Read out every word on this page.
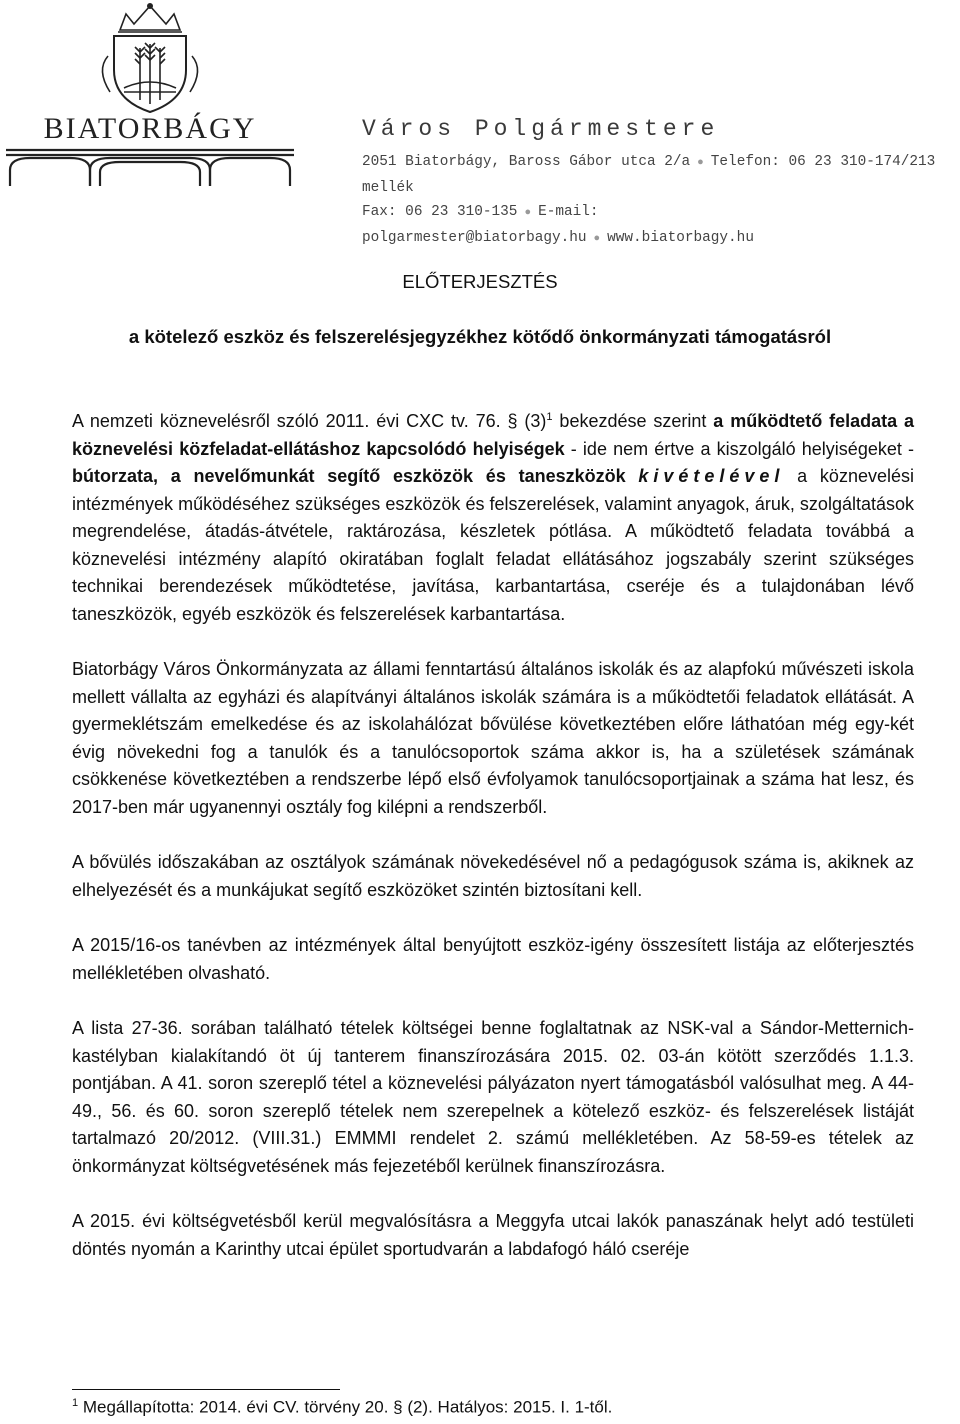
BIATORBÁGY	Város Polgármestere
2051 Biatorbágy, Baross Gábor utca 2/a ● Telefon: 06 23 310-174/213 mellék
Fax: 06 23 310-135 ● E-mail: polgarmester@biatorbagy.hu ● www.biatorbagy.hu
ELŐTERJESZTÉS
a kötelező eszköz és felszerelésjegyzékhez kötődő önkormányzati támogatásról

A nemzeti köznevelésről szóló 2011. évi CXC tv. 76. § $(3)^1$ bekezdése szerint a működtető feladata a köznevelési közfeladat-ellátáshoz kapcsolódó helyiségek - ide nem értve a kiszolgáló helyiségeket - bútorzata, a nevelőmunkát segítő eszközök és taneszközök kivételével a köznevelési intézmények működéséhez szükséges eszközök és felszerelések, valamint anyagok, áruk, szolgáltatások megrendelése, átadás-átvétele, raktározása, készletek pótlása. A működtető feladata továbbá a köznevelési intézmény alapító okiratában foglalt feladat ellátásához jogszabály szerint szükséges technikai berendezések működtetése, javítása, karbantartása, cseréje és a tulajdonában lévő taneszközök, egyéb eszközök és felszerelések karbantartása.

Biatorbágy Város Önkormányzata az állami fenntartású általános iskolák és az alapfokú művészeti iskola mellett vállalta az egyházi és alapítványi általános iskolák számára is a működtetői feladatok ellátását. A gyermeklétszám emelkedése és az iskolahálózat bővülése következtében előre láthatóan még egy-két évig növekedni fog a tanulók és a tanulócsoportok száma akkor is, ha a születések számának csökkenése következtében a rendszerbe lépő első évfolyamok tanulócsoportjainak a száma hat lesz, és 2017-ben már ugyanennyi osztály fog kilépni a rendszerből.

A bővülés időszakában az osztályok számának növekedésével nő a pedagógusok száma is, akiknek az elhelyezését és a munkájukat segítő eszközöket szintén biztosítani kell.

A 2015/16-os tanévben az intézmények által benyújtott eszköz-igény összesített listája az előterjesztés mellékletében olvasható.

A lista 27-36. sorában található tételek költségei benne foglaltatnak az NSK-val a Sándor-Metternich-kastélyban kialakítandó öt új tanterem finanszírozására 2015. 02. 03-án kötött szerződés 1.1.3. pontjában. A 41. soron szereplő tétel a köznevelési pályázaton nyert támogatásból valósulhat meg. A 44-49., 56. és 60. soron szereplő tételek nem szerepelnek a kötelező eszköz- és felszerelések listáját tartalmazó 20/2012. (VIII.31.) EMMMI rendelet 2. számú mellékletében. Az 58-59-es tételek az önkormányzat költségvetésének más fejezetéből kerülnek finanszírozásra.

A 2015. évi költségvetésből kerül megvalósításra a Meggyfa utcai lakók panaszának helyt adó testületi döntés nyomán a Karinthy utcai épület sportudvarán a labdafogó háló cseréje

$^1$ Megállapította: 2014. évi CV. törvény 20. § (2). Hatályos: 2015. I. 1-től.
